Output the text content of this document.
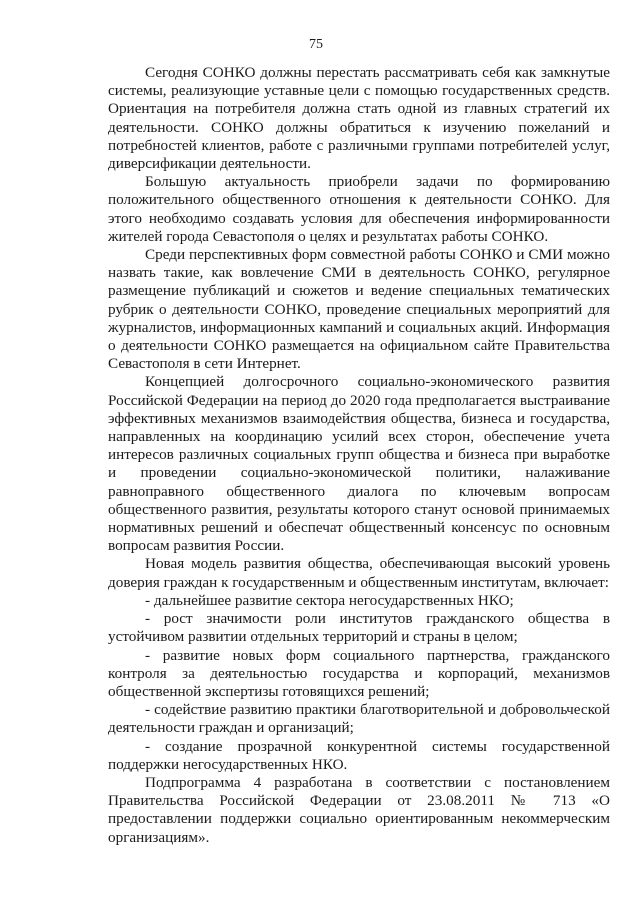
75

Сегодня СОНКО должны перестать рассматривать себя как замкнутые системы, реализующие уставные цели с помощью государственных средств. Ориентация на потребителя должна стать одной из главных стратегий их деятельности. СОНКО должны обратиться к изучению пожеланий и потребностей клиентов, работе с различными группами потребителей услуг, диверсификации деятельности.

Большую актуальность приобрели задачи по формированию положительного общественного отношения к деятельности СОНКО. Для этого необходимо создавать условия для обеспечения информированности жителей города Севастополя о целях и результатах работы СОНКО.

Среди перспективных форм совместной работы СОНКО и СМИ можно назвать такие, как вовлечение СМИ в деятельность СОНКО, регулярное размещение публикаций и сюжетов и ведение специальных тематических рубрик о деятельности СОНКО, проведение специальных мероприятий для журналистов, информационных кампаний и социальных акций. Информация о деятельности СОНКО размещается на официальном сайте Правительства Севастополя в сети Интернет.

Концепцией долгосрочного социально-экономического развития Российской Федерации на период до 2020 года предполагается выстраивание эффективных механизмов взаимодействия общества, бизнеса и государства, направленных на координацию усилий всех сторон, обеспечение учета интересов различных социальных групп общества и бизнеса при выработке и проведении социально-экономической политики, налаживание равноправного общественного диалога по ключевым вопросам общественного развития, результаты которого станут основой принимаемых нормативных решений и обеспечат общественный консенсус по основным вопросам развития России.

Новая модель развития общества, обеспечивающая высокий уровень доверия граждан к государственным и общественным институтам, включает:

- дальнейшее развитие сектора негосударственных НКО;

- рост значимости роли институтов гражданского общества в устойчивом развитии отдельных территорий и страны в целом;

- развитие новых форм социального партнерства, гражданского контроля за деятельностью государства и корпораций, механизмов общественной экспертизы готовящихся решений;

- содействие развитию практики благотворительной и добровольческой деятельности граждан и организаций;

- создание прозрачной конкурентной системы государственной поддержки негосударственных НКО.

Подпрограмма 4 разработана в соответствии с постановлением Правительства Российской Федерации от 23.08.2011 № 713 «О предоставлении поддержки социально ориентированным некоммерческим организациям».
